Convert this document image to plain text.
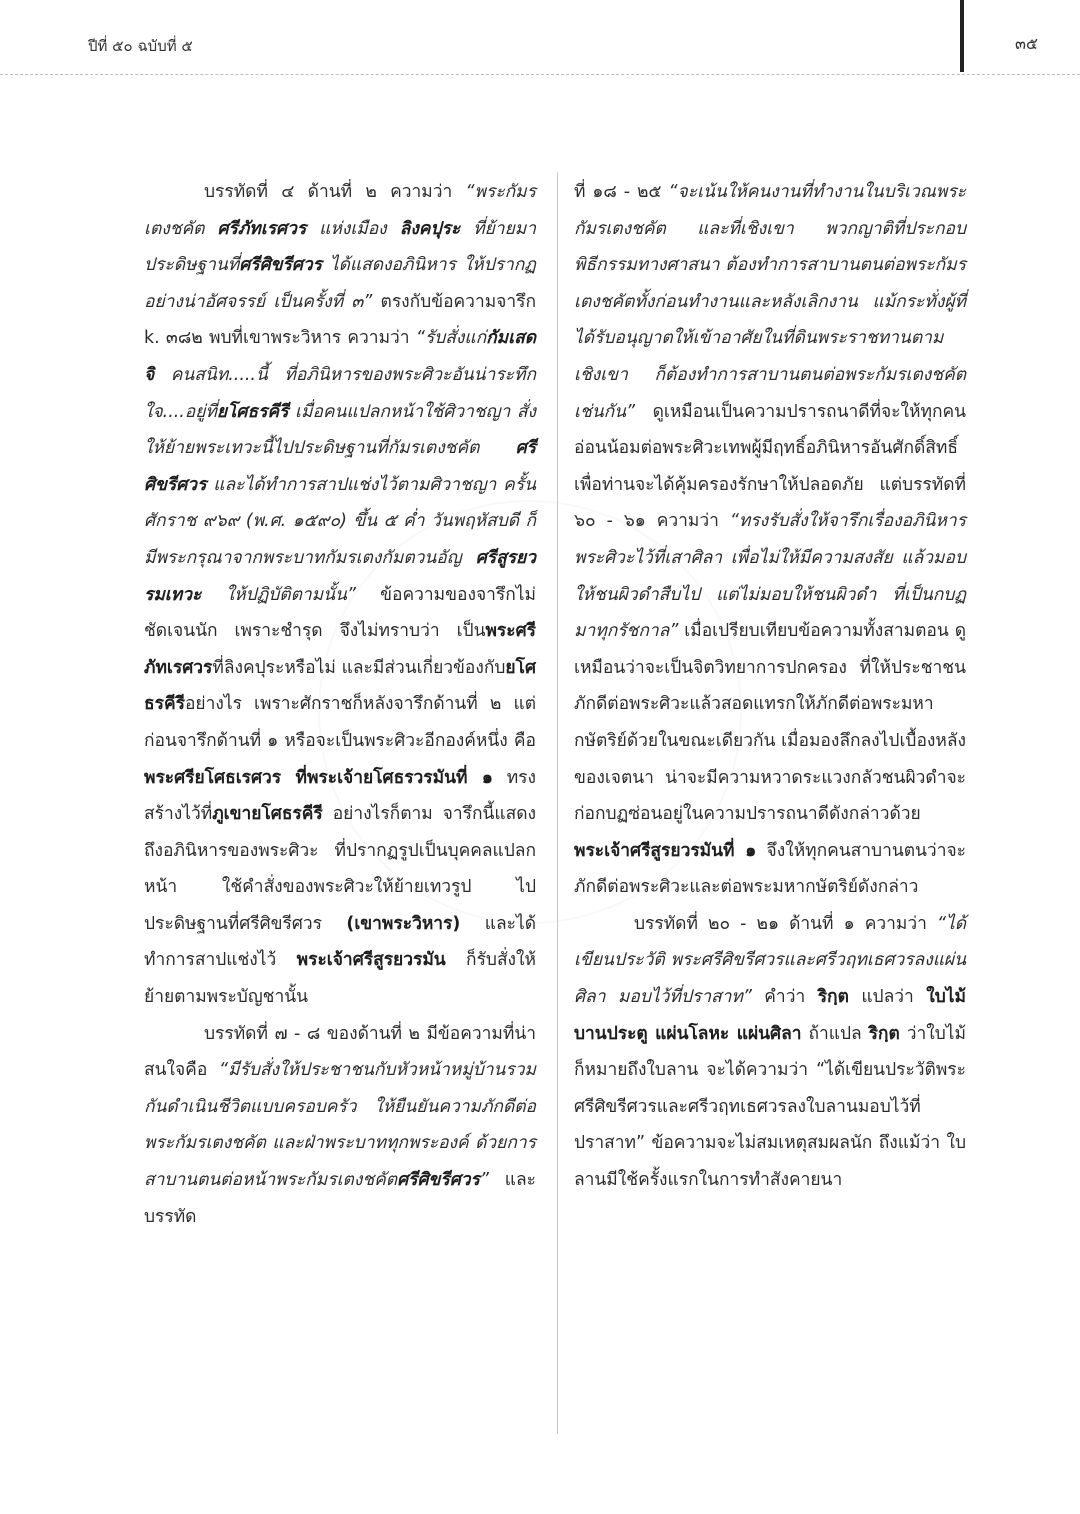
ปีที่ ๕๐ ฉบับที่ ๕	๓๕

บรรทัดที่ ๔ ด้านที่ ๒ ความว่า “พระกัมรเตงชคัต ศรีภัทเรศวร แห่งเมือง ลิงคปุระ ที่ย้ายมาประดิษฐานที่ศรีศิขรีศวร ได้แสดงอภินิหาร ให้ปรากฏอย่างน่าอัศจรรย์ เป็นครั้งที่ ๓” ตรงกับข้อความจารึก k. ๓๘๒ พบที่เขาพระวิหาร ความว่า “รับสั่งแก่กัมเสดจิ คนสนิท.....นี้ ที่อภินิหารของพระศิวะอันน่าระทึกใจ....อยู่ที่ยโศธรคีรี เมื่อคนแปลกหน้าใช้ศิวาชญา สั่งให้ย้ายพระเทวะนี้ไปประดิษฐานที่กัมรเตงชคัต ศรีศิขรีศวร และได้ทำการสาปแช่งไว้ตามศิวาชญา ครั้นศักราช ๙๖๙ (พ.ศ. ๑๕๙๐) ขึ้น ๕ ค่ำ วันพฤหัสบดี ก็มีพระกรุณาจากพระบาทกัมรเตงกัมตวนอัญ ศรีสูรยวรมเทวะ ให้ปฏิบัติตามนั้น” ข้อความของจารึกไม่ชัดเจนนัก เพราะชำรุด จึงไม่ทราบว่า เป็นพระศรีภัทเรศวรที่ลิงคปุระหรือไม่ และมีส่วนเกี่ยวข้องกับยโศธรคีรีอย่างไร เพราะศักราชก็หลังจารึกด้านที่ ๒ แต่ก่อนจารึกด้านที่ ๑ หรือจะเป็นพระศิวะอีกองค์หนึ่ง คือ พระศรียโศธเรศวร ที่พระเจ้ายโศธรวรมันที่ ๑ ทรงสร้างไว้ที่ภูเขายโศธรคีรี อย่างไรก็ตาม จารึกนี้แสดงถึงอภินิหารของพระศิวะ ที่ปรากฏรูปเป็นบุคคลแปลกหน้า ใช้คำสั่งของพระศิวะให้ย้ายเทวรูป ไปประดิษฐานที่ศรีศิขรีศวร (เขาพระวิหาร) และได้ทำการสาปแช่งไว้ พระเจ้าศรีสูรยวรมัน ก็รับสั่งให้ย้ายตามพระบัญชานั้น

บรรทัดที่ ๗ - ๘ ของด้านที่ ๒ มีข้อความที่น่าสนใจคือ “มีรับสั่งให้ประชาชนกับหัวหน้าหมู่บ้านรวมกันดำเนินชีวิตแบบครอบครัว ให้ยืนยันความภักดีต่อพระกัมรเตงชคัต และฝ่าพระบาททุกพระองค์ ด้วยการสาบานตนต่อหน้าพระกัมรเตงชคัตศรีศิขรีศวร” และบรรทัด

ที่ ๑๘ - ๒๕ “จะเน้นให้คนงานที่ทำงานในบริเวณพระกัมรเตงชคัต และที่เชิงเขา พวกญาติที่ประกอบพิธีกรรมทางศาสนา ต้องทำการสาบานตนต่อพระกัมรเตงชคัตทั้งก่อนทำงานและหลังเลิกงาน แม้กระทั่งผู้ที่ได้รับอนุญาตให้เข้าอาศัยในที่ดินพระราชทานตามเชิงเขา ก็ต้องทำการสาบานตนต่อพระกัมรเตงชคัตเช่นกัน” ดูเหมือนเป็นความปรารถนาดีที่จะให้ทุกคนอ่อนน้อมต่อพระศิวะเทพผู้มีฤทธิ์อภินิหารอันศักดิ์สิทธิ์ เพื่อท่านจะได้คุ้มครองรักษาให้ปลอดภัย แต่บรรทัดที่ ๖๐ - ๖๑ ความว่า “ทรงรับสั่งให้จารึกเรื่องอภินิหารพระศิวะไว้ที่เสาศิลา เพื่อไม่ให้มีความสงสัย แล้วมอบให้ชนผิวดำสืบไป แต่ไม่มอบให้ชนผิวดำ ที่เป็นกบฏมาทุกรัชกาล” เมื่อเปรียบเทียบข้อความทั้งสามตอน ดูเหมือนว่าจะเป็นจิตวิทยาการปกครอง ที่ให้ประชาชนภักดีต่อพระศิวะแล้วสอดแทรกให้ภักดีต่อพระมหากษัตริย์ด้วยในขณะเดียวกัน เมื่อมองลึกลงไปเบื้องหลังของเจตนา น่าจะมีความหวาดระแวงกลัวชนผิวดำจะก่อกบฏซ่อนอยู่ในความปรารถนาดีดังกล่าวด้วย พระเจ้าศรีสูรยวรมันที่ ๑ จึงให้ทุกคนสาบานตนว่าจะภักดีต่อพระศิวะและต่อพระมหากษัตริย์ดังกล่าว

บรรทัดที่ ๒๐ - ๒๑ ด้านที่ ๑ ความว่า “ได้เขียนประวัติ พระศรีศิขรีศวรและศรีวฤทเธศวรลงแผ่นศิลา มอบไว้ที่ปราสาท” คำว่า ริกฺต แปลว่า ใบไม้ บานประตู แผ่นโลหะ แผ่นศิลา ถ้าแปล ริกฺต ว่าใบไม้ ก็หมายถึงใบลาน จะได้ความว่า “ได้เขียนประวัติพระศรีศิขรีศวรและศรีวฤทเธศวรลงใบลานมอบไว้ที่ปราสาท” ข้อความจะไม่สมเหตุสมผลนัก ถึงแม้ว่า ใบลานมีใช้ครั้งแรกในการทำสังคายนา
